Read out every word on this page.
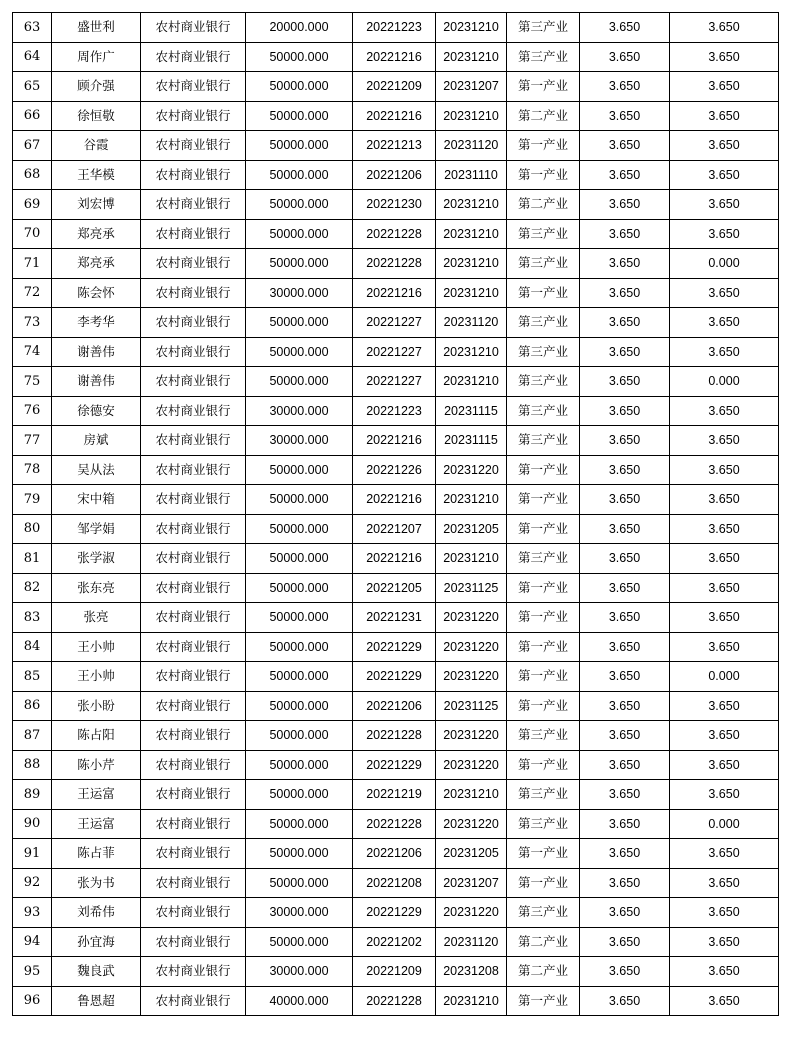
63	盛世利	农村商业银行	20000.000	20221223	20231210	第三产业	3.650	3.650
64	周作广	农村商业银行	50000.000	20221216	20231210	第三产业	3.650	3.650
65	顾介强	农村商业银行	50000.000	20221209	20231207	第一产业	3.650	3.650
66	徐恒敬	农村商业银行	50000.000	20221216	20231210	第二产业	3.650	3.650
67	谷霞	农村商业银行	50000.000	20221213	20231120	第一产业	3.650	3.650
68	王华模	农村商业银行	50000.000	20221206	20231110	第一产业	3.650	3.650
69	刘宏博	农村商业银行	50000.000	20221230	20231210	第二产业	3.650	3.650
70	郑亮承	农村商业银行	50000.000	20221228	20231210	第三产业	3.650	3.650
71	郑亮承	农村商业银行	50000.000	20221228	20231210	第三产业	3.650	0.000
72	陈会怀	农村商业银行	30000.000	20221216	20231210	第一产业	3.650	3.650
73	李考华	农村商业银行	50000.000	20221227	20231120	第三产业	3.650	3.650
74	谢善伟	农村商业银行	50000.000	20221227	20231210	第三产业	3.650	3.650
75	谢善伟	农村商业银行	50000.000	20221227	20231210	第三产业	3.650	0.000
76	徐德安	农村商业银行	30000.000	20221223	20231115	第三产业	3.650	3.650
77	房斌	农村商业银行	30000.000	20221216	20231115	第三产业	3.650	3.650
78	吴从法	农村商业银行	50000.000	20221226	20231220	第一产业	3.650	3.650
79	宋中箱	农村商业银行	50000.000	20221216	20231210	第一产业	3.650	3.650
80	邹学娟	农村商业银行	50000.000	20221207	20231205	第一产业	3.650	3.650
81	张学淑	农村商业银行	50000.000	20221216	20231210	第三产业	3.650	3.650
82	张东亮	农村商业银行	50000.000	20221205	20231125	第一产业	3.650	3.650
83	张亮	农村商业银行	50000.000	20221231	20231220	第一产业	3.650	3.650
84	王小帅	农村商业银行	50000.000	20221229	20231220	第一产业	3.650	3.650
85	王小帅	农村商业银行	50000.000	20221229	20231220	第一产业	3.650	0.000
86	张小盼	农村商业银行	50000.000	20221206	20231125	第一产业	3.650	3.650
87	陈占阳	农村商业银行	50000.000	20221228	20231220	第三产业	3.650	3.650
88	陈小芹	农村商业银行	50000.000	20221229	20231220	第一产业	3.650	3.650
89	王运富	农村商业银行	50000.000	20221219	20231210	第三产业	3.650	3.650
90	王运富	农村商业银行	50000.000	20221228	20231220	第三产业	3.650	0.000
91	陈占菲	农村商业银行	50000.000	20221206	20231205	第一产业	3.650	3.650
92	张为书	农村商业银行	50000.000	20221208	20231207	第一产业	3.650	3.650
93	刘希伟	农村商业银行	30000.000	20221229	20231220	第三产业	3.650	3.650
94	孙宜海	农村商业银行	50000.000	20221202	20231120	第二产业	3.650	3.650
95	魏良武	农村商业银行	30000.000	20221209	20231208	第二产业	3.650	3.650
96	鲁恩超	农村商业银行	40000.000	20221228	20231210	第一产业	3.650	3.650
